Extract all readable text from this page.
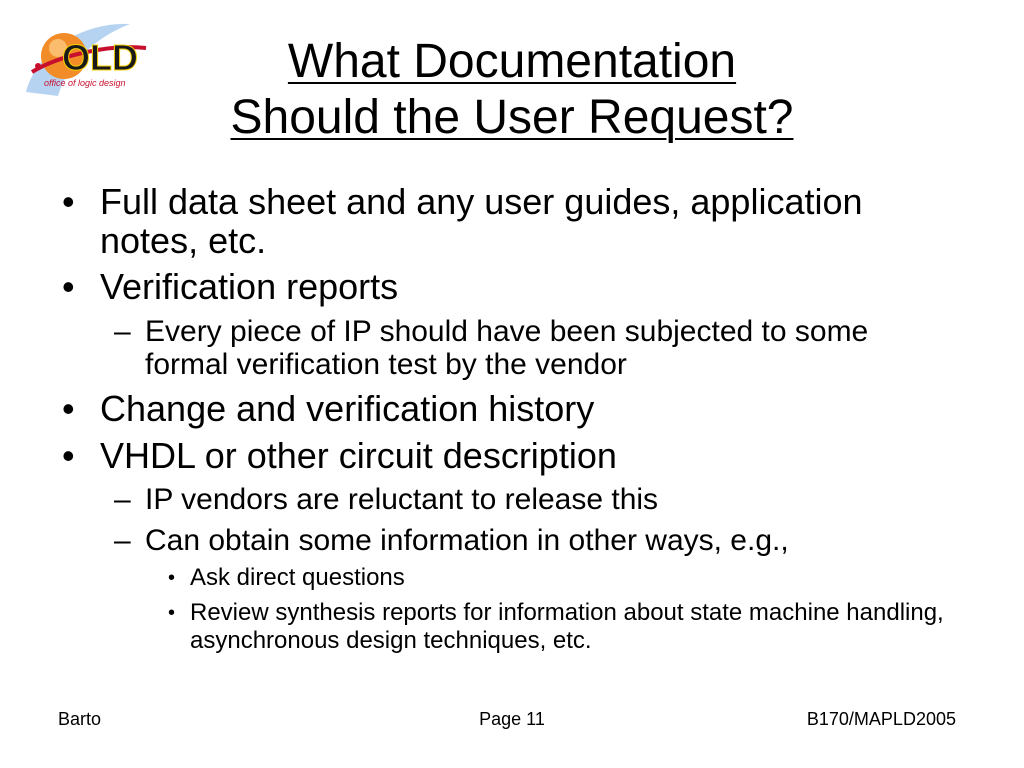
OLD
office of logic design	What Documentation
Should the User Request?
• Full data sheet and any user guides, application notes, etc.
• Verification reports
– Every piece of IP should have been subjected to some formal verification test by the vendor
• Change and verification history
• VHDL or other circuit description
– IP vendors are reluctant to release this
– Can obtain some information in other ways, e.g.,
• Ask direct questions
• Review synthesis reports for information about state machine handling, asynchronous design techniques, etc.
Barto	Page 11	B170/MAPLD2005
